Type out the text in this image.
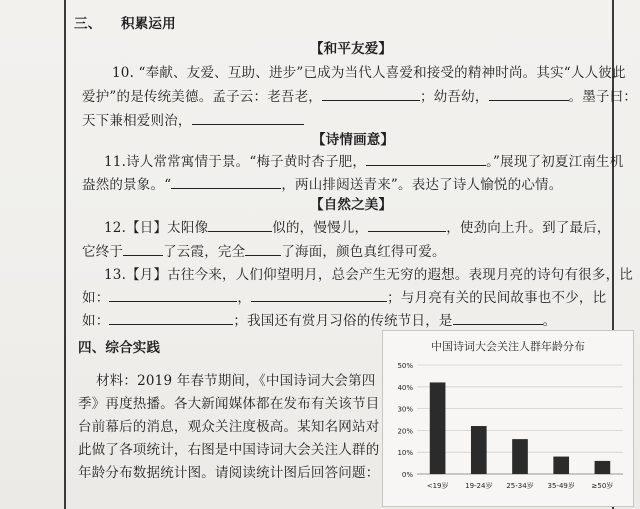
三、 积累运用
【和平友爱】
10. “奉献、友爱、互助、进步”已成为当代人喜爱和接受的精神时尚。其实“人人彼此
爱护”的是传统美德。孟子云：老吾老，	；幼吾幼，	。墨子曰：
天下兼相爱则治，
【诗情画意】
11.诗人常常寓情于景。“梅子黄时杏子肥，	。”展现了初夏江南生机
盎然的景象。“	，两山排闼送青来”。表达了诗人愉悦的心情。
【自然之美】
12.【日】太阳像	似的，慢慢儿，	，使劲向上升。到了最后，
它终于	了云霞，完全	了海面，颜色真红得可爱。
13.【月】古往今来，人们仰望明月，总会产生无穷的遐想。表现月亮的诗句有很多，比
如：	，	；与月亮有关的民间故事也不少，比
如：	；我国还有赏月习俗的传统节日，是	。
四、综合实践
材料：2019 年春节期间，《中国诗词大会第四
季》再度热播。各大新闻媒体都在发布有关该节目
台前幕后的消息，观众关注度极高。某知名网站对
此做了各项统计，右图是中国诗词大会关注人群的
年龄分布数据统计图。请阅读统计图后回答问题：
中国诗词大会关注人群年龄分布
0%
10%
20%
30%
40%
50%
<19岁 19-24岁 25-34岁 35-49岁 ≥50岁
